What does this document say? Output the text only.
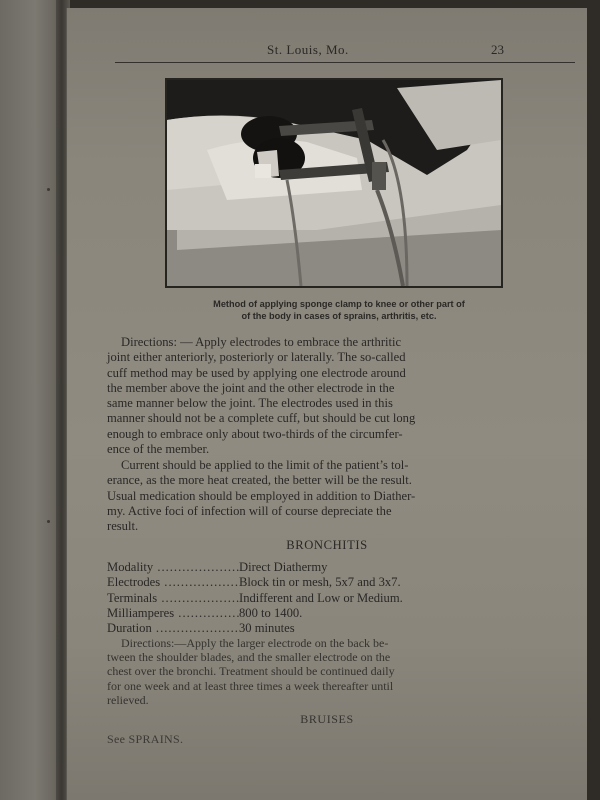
St. Louis, Mo.	23
Method of applying sponge clamp to knee or other part of
of the body in cases of sprains, arthritis, etc.
Directions: — Apply electrodes to embrace the arthritic
joint either anteriorly, posteriorly or laterally. The so-called
cuff method may be used by applying one electrode around
the member above the joint and the other electrode in the
same manner below the joint. The electrodes used in this
manner should not be a complete cuff, but should be cut long
enough to embrace only about two-thirds of the circumfer-
ence of the member.
Current should be applied to the limit of the patient’s tol-
erance, as the more heat created, the better will be the result.
Usual medication should be employed in addition to Diather-
my. Active foci of infection will of course depreciate the
result.
BRONCHITIS
Modality .....	Direct Diathermy
Electrodes .....	Block tin or mesh, 5x7 and 3x7.
Terminals .....	Indifferent and Low or Medium.
Milliamperes .....	800 to 1400.
Duration .....	30 minutes
Directions:—Apply the larger electrode on the back be-
tween the shoulder blades, and the smaller electrode on the
chest over the bronchi. Treatment should be continued daily
for one week and at least three times a week thereafter until
relieved.
BRUISES
See SPRAINS.
